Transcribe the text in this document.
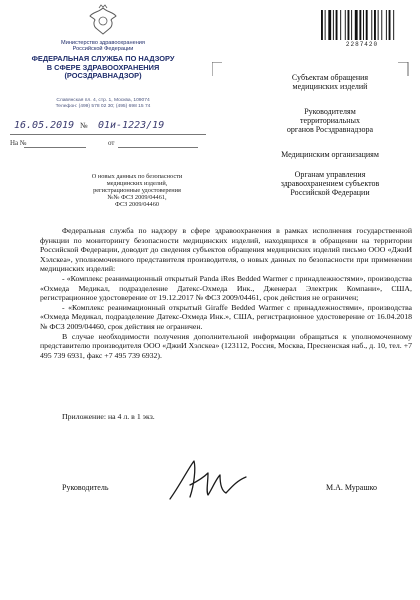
Министерство здравоохранения
Российской Федерации
ФЕДЕРАЛЬНАЯ СЛУЖБА ПО НАДЗОРУ
В СФЕРЕ ЗДРАВООХРАНЕНИЯ
(РОСЗДРАВНАДЗОР)
Славянская пл. 4, стр. 1, Москва, 109074
Телефон: (499) 578 02 30; (495) 698 15 74
16.05.2019 № 01и-1223/19
На №	от
О новых данных по безопасности
медицинских изделий,
регистрационные удостоверения
№№ ФСЗ 2009/04461,
ФСЗ 2009/04460
2287420
Субъектам обращения
медицинских изделий
Руководителям
территориальных
органов Росздравнадзора
Медицинским организациям
Органам управления
здравоохранением субъектов
Российской Федерации

Федеральная служба по надзору в сфере здравоохранения в рамках исполнения государственной функции по мониторингу безопасности медицинских изделий, находящихся в обращении на территории Российской Федерации, доводит до сведения субъектов обращения медицинских изделий письмо ООО «ДжиИ Хэлскеа», уполномоченного представителя производителя, о новых данных по безопасности при применении медицинских изделий:

- «Комплекс реанимационный открытый Panda iRes Bedded Warmer с принадлежностями», производства «Охмеда Медикал, подразделение Датекс-Охмеда Инк., Дженерал Электрик Компани», США, регистрационное удостоверение от 19.12.2017 № ФСЗ 2009/04461, срок действия не ограничен;

- «Комплекс реанимационный открытый Giraffe Bedded Warmer с принадлежностями», производства «Охмеда Медикал, подразделение Датекс-Охмеда Инк.», США, регистрационное удостоверение от 16.04.2018 № ФСЗ 2009/04460, срок действия не ограничен.

В случае необходимости получения дополнительной информации обращаться к уполномоченному представителю производителя ООО «ДжиИ Хэлскеа» (123112, Россия, Москва, Пресненская наб., д. 10, тел. +7 495 739 6931, факс +7 495 739 6932).

Приложение: на 4 л. в 1 экз.
Руководитель	М.А. Мурашко
